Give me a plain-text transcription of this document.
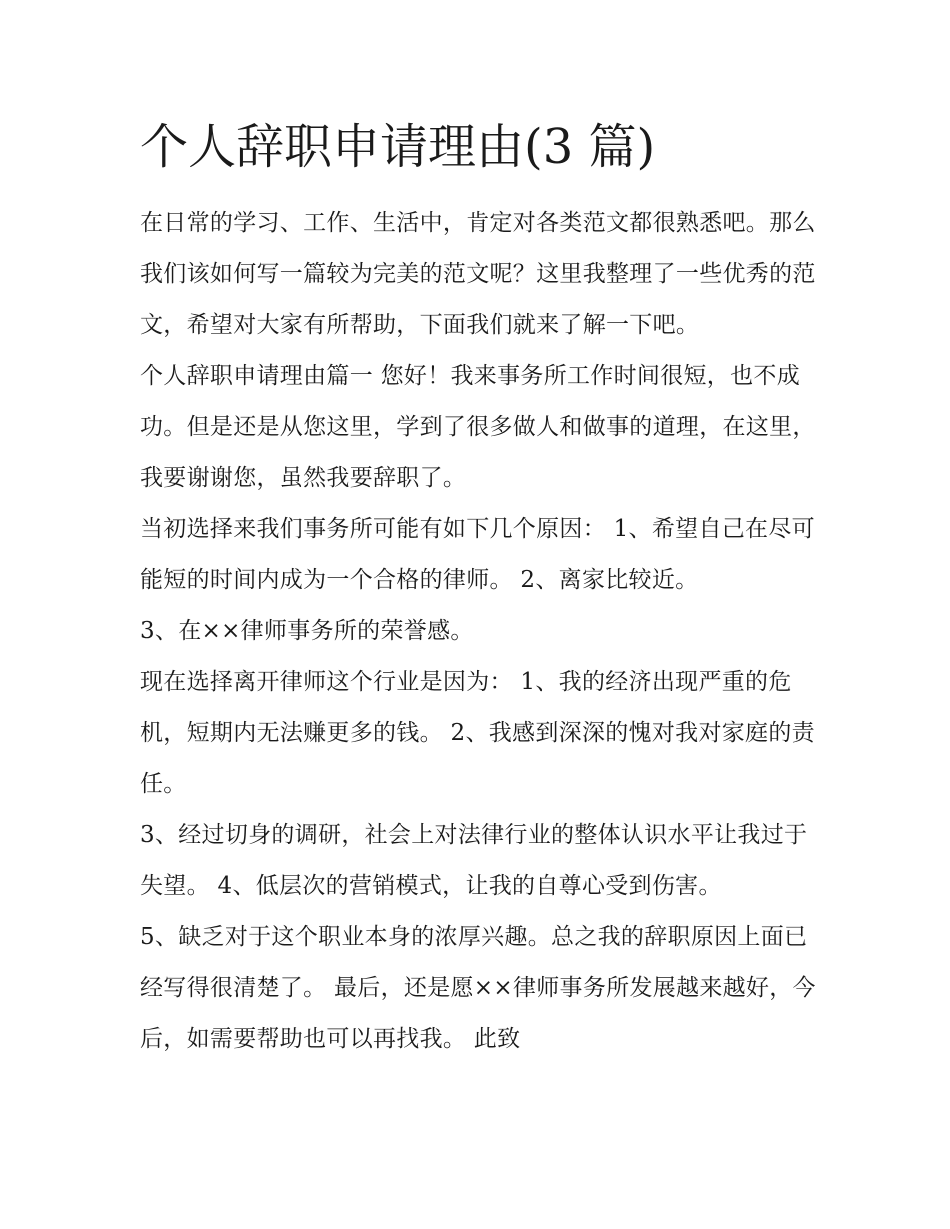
个人辞职申请理由(3 篇)

在日常的学习、工作、生活中，肯定对各类范文都很熟悉吧。那么我们该如何写一篇较为完美的范文呢？这里我整理了一些优秀的范文，希望对大家有所帮助，下面我们就来了解一下吧。

个人辞职申请理由篇一 您好！我来事务所工作时间很短，也不成功。但是还是从您这里，学到了很多做人和做事的道理，在这里，我要谢谢您，虽然我要辞职了。

当初选择来我们事务所可能有如下几个原因： 1、希望自己在尽可能短的时间内成为一个合格的律师。 2、离家比较近。

3、在××律师事务所的荣誉感。

现在选择离开律师这个行业是因为： 1、我的经济出现严重的危机，短期内无法赚更多的钱。 2、我感到深深的愧对我对家庭的责任。

3、经过切身的调研，社会上对法律行业的整体认识水平让我过于失望。 4、低层次的营销模式，让我的自尊心受到伤害。

5、缺乏对于这个职业本身的浓厚兴趣。总之我的辞职原因上面已经写得很清楚了。 最后，还是愿××律师事务所发展越来越好，今后，如需要帮助也可以再找我。 此致
